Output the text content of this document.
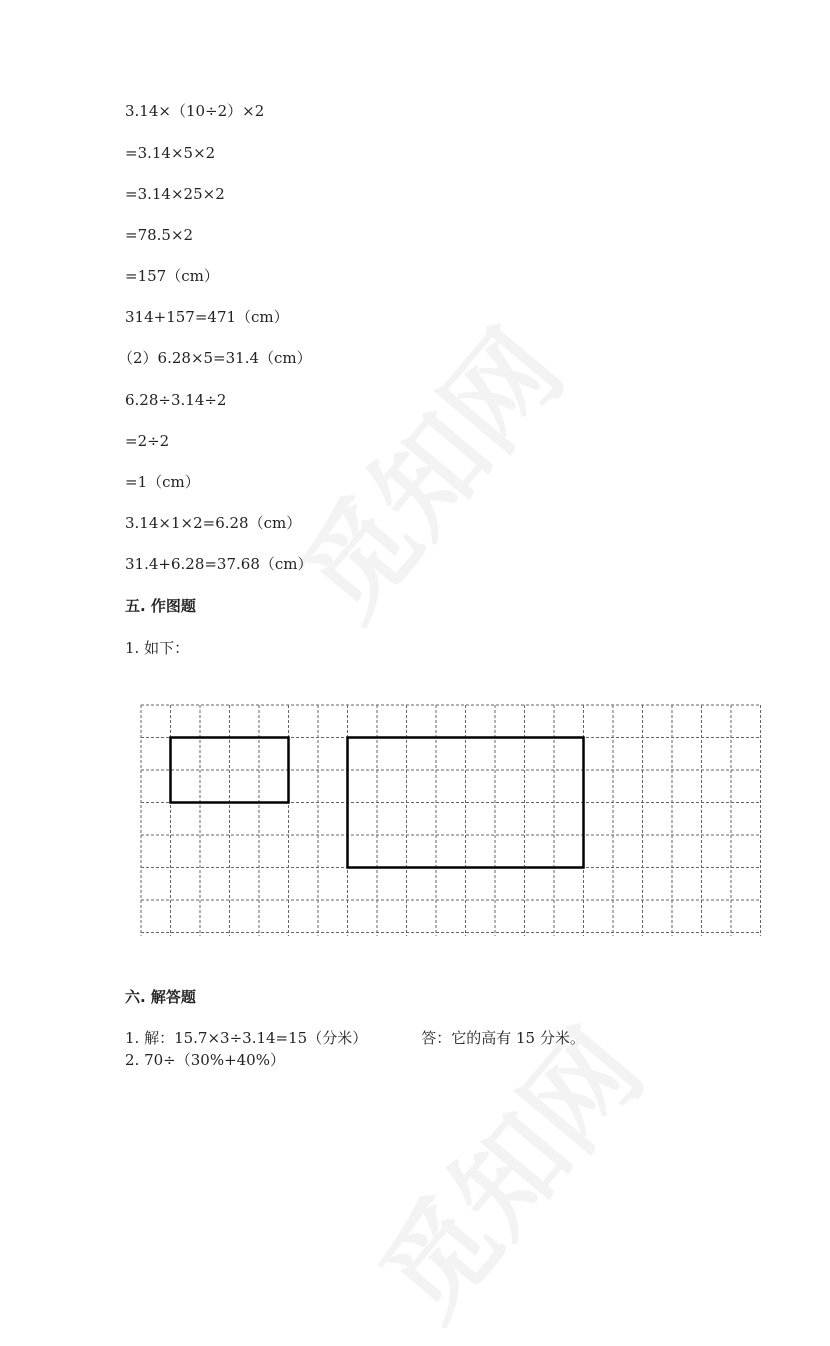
3.14×（10÷2）×2

=3.14×5×2

=3.14×25×2

=78.5×2

=157（cm）

314+157=471（cm）

（2）6.28×5=31.4（cm）

6.28÷3.14÷2

=2÷2

=1（cm）

3.14×1×2=6.28（cm）

31.4+6.28=37.68（cm）

五. 作图题

1. 如下：

六. 解答题

1. 解：15.7×3÷3.14=15（分米）	答：它的高有 15 分米。

2. 70÷（30%+40%）
